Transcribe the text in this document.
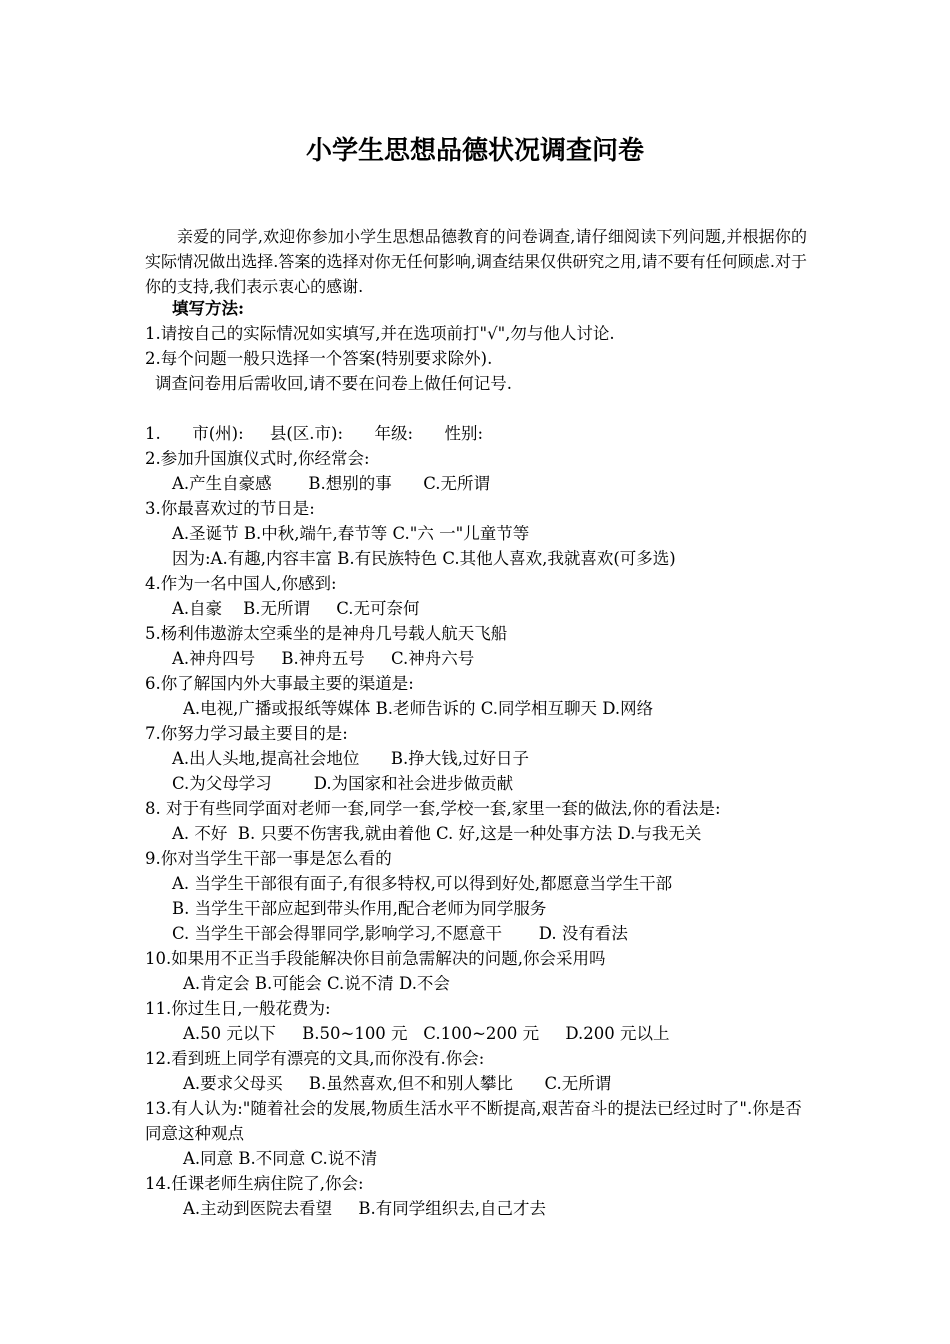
小学生思想品德状况调查问卷
亲爱的同学,欢迎你参加小学生思想品德教育的问卷调查,请仔细阅读下列问题,并根据你的实际情况做出选择.答案的选择对你无任何影响,调查结果仅供研究之用,请不要有任何顾虑.对于你的支持,我们表示衷心的感谢.
填写方法:
1.请按自己的实际情况如实填写,并在选项前打"√",勿与他人讨论.
2.每个问题一般只选择一个答案(特别要求除外).
调查问卷用后需收回,请不要在问卷上做任何记号.
1.      市(州):     县(区.市):      年级:      性别:
2.参加升国旗仪式时,你经常会:
A.产生自豪感       B.想别的事      C.无所谓
3.你最喜欢过的节日是:
A.圣诞节 B.中秋,端午,春节等 C."六 一"儿童节等
因为:A.有趣,内容丰富 B.有民族特色 C.其他人喜欢,我就喜欢(可多选)
4.作为一名中国人,你感到:
A.自豪    B.无所谓     C.无可奈何
5.杨利伟遨游太空乘坐的是神舟几号载人航天飞船
A.神舟四号     B.神舟五号     C.神舟六号
6.你了解国内外大事最主要的渠道是:
A.电视,广播或报纸等媒体 B.老师告诉的 C.同学相互聊天 D.网络
7.你努力学习最主要目的是:
A.出人头地,提高社会地位      B.挣大钱,过好日子
C.为父母学习        D.为国家和社会进步做贡献
8. 对于有些同学面对老师一套,同学一套,学校一套,家里一套的做法,你的看法是:
A. 不好  B. 只要不伤害我,就由着他 C. 好,这是一种处事方法 D.与我无关
9.你对当学生干部一事是怎么看的
A. 当学生干部很有面子,有很多特权,可以得到好处,都愿意当学生干部
B. 当学生干部应起到带头作用,配合老师为同学服务
C. 当学生干部会得罪同学,影响学习,不愿意干       D. 没有看法
10.如果用不正当手段能解决你目前急需解决的问题,你会采用吗
A.肯定会 B.可能会 C.说不清 D.不会
11.你过生日,一般花费为:
A.50 元以下     B.50~100 元   C.100~200 元     D.200 元以上
12.看到班上同学有漂亮的文具,而你没有.你会:
A.要求父母买     B.虽然喜欢,但不和别人攀比      C.无所谓
13.有人认为:"随着社会的发展,物质生活水平不断提高,艰苦奋斗的提法已经过时了".你是否同意这种观点
A.同意 B.不同意 C.说不清
14.任课老师生病住院了,你会:
A.主动到医院去看望     B.有同学组织去,自己才去
